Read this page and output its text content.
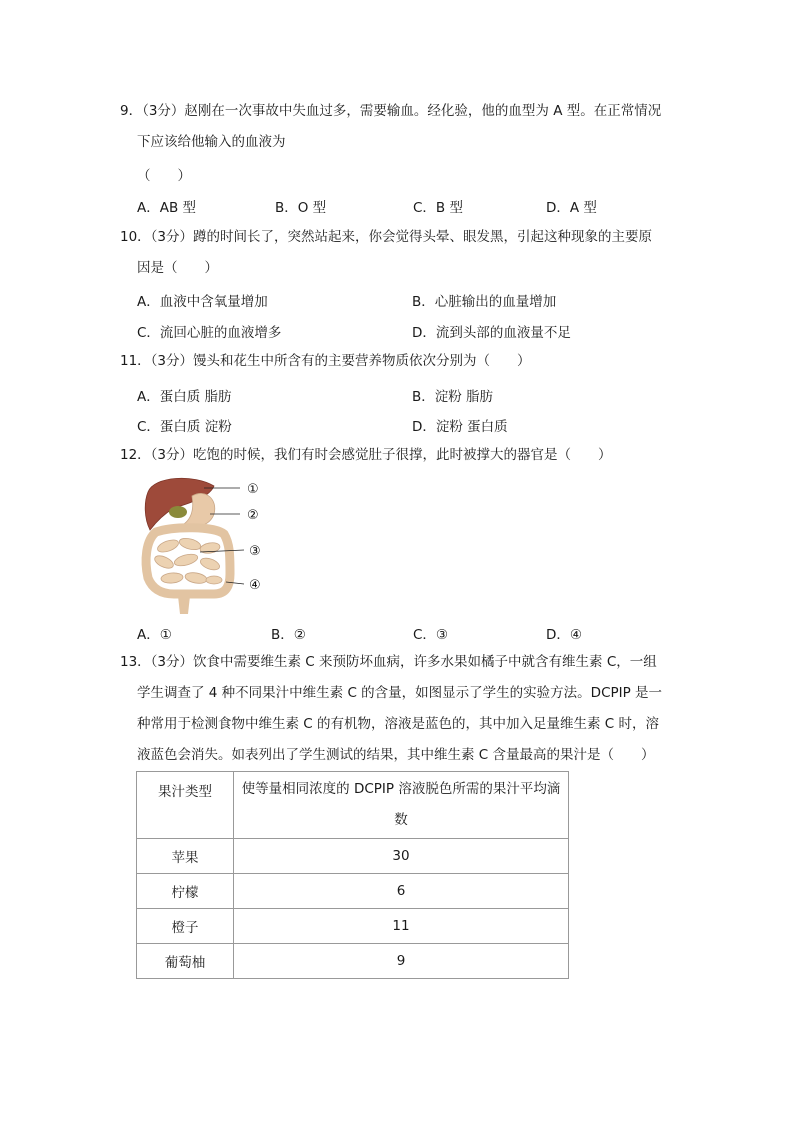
9．（3分）赵刚在一次事故中失血过多，需要输血。经化验，他的血型为 A 型。在正常情况
下应该给他输入的血液为
（　　）
A．AB 型	B．O 型	C．B 型	D．A 型
10．（3分）蹲的时间长了，突然站起来，你会觉得头晕、眼发黑，引起这种现象的主要原
因是（　　）
A．血液中含氧量增加	B．心脏输出的血量增加
C．流回心脏的血液增多	D．流到头部的血液量不足
11．（3分）馒头和花生中所含有的主要营养物质依次分别为（　　）
A．蛋白质 脂肪	B．淀粉 脂肪
C．蛋白质 淀粉	D．淀粉 蛋白质
12．（3分）吃饱的时候，我们有时会感觉肚子很撑，此时被撑大的器官是（　　）
①
②
③
④
A．①	B．②	C．③	D．④
13．（3分）饮食中需要维生素 C 来预防坏血病，许多水果如橘子中就含有维生素 C，一组
学生调查了 4 种不同果汁中维生素 C 的含量，如图显示了学生的实验方法。DCPIP 是一
种常用于检测食物中维生素 C 的有机物，溶液是蓝色的，其中加入足量维生素 C 时，溶
液蓝色会消失。如表列出了学生测试的结果，其中维生素 C 含量最高的果汁是（　　）
果汁类型	使等量相同浓度的 DCPIP 溶液脱色所需的果汁平均滴数
苹果	30
柠檬	6
橙子	11
葡萄柚	9
